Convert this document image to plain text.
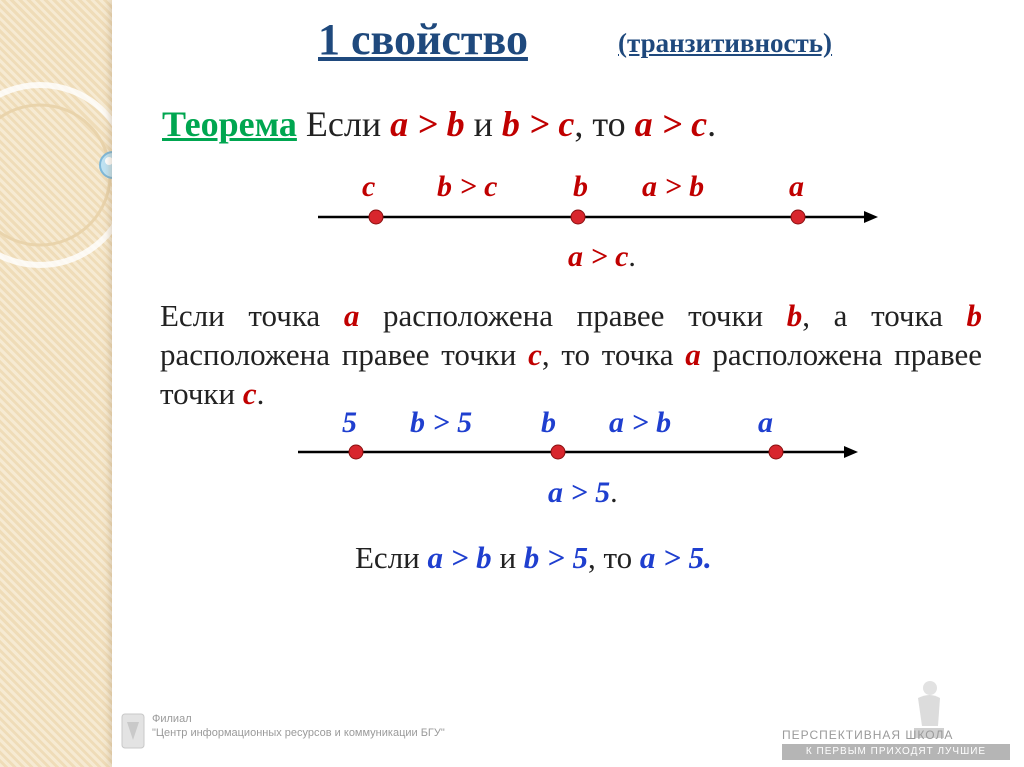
1 свойство	(транзитивность)
Теорема Если a > b и b > c, то a > c.
c b > c	b a > b	a
a > c.
Если точка a расположена правее точки b, а точка b расположена правее точки c, то точка a расположена правее точки c.
5 b > 5 b a > b	a
a > 5.
Если a > b и b > 5, то a > 5.
Филиал
"Центр информационных ресурсов и коммуникации БГУ"	ПЕРСПЕКТИВНАЯ ШКОЛА
К ПЕРВЫМ ПРИХОДЯТ ЛУЧШИЕ
